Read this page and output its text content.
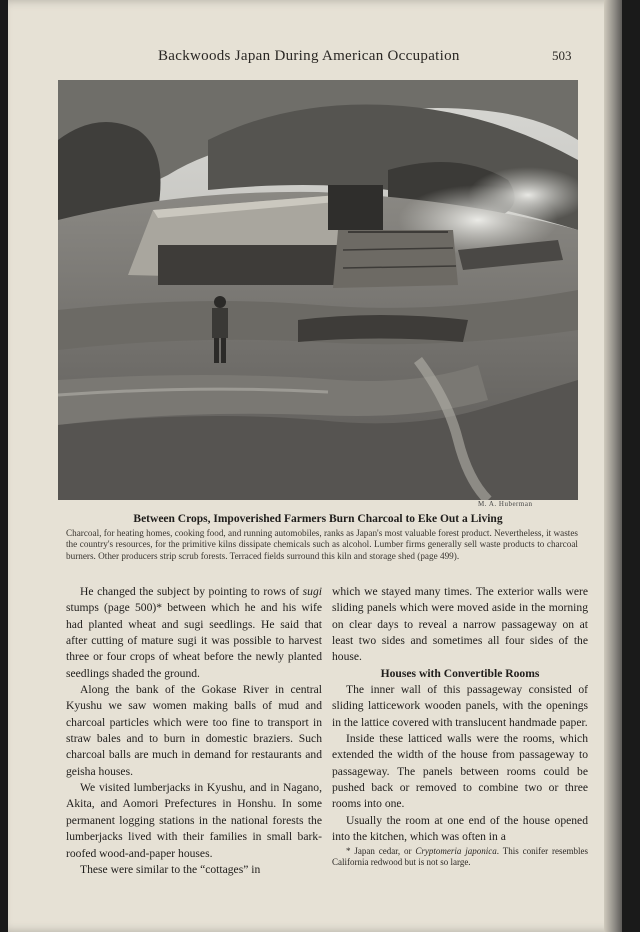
Backwoods Japan During American Occupation	503
M. A. Huberman
Between Crops, Impoverished Farmers Burn Charcoal to Eke Out a Living
Charcoal, for heating homes, cooking food, and running automobiles, ranks as Japan's most valuable forest product. Nevertheless, it wastes the country's resources, for the primitive kilns dissipate chemicals such as alcohol. Lumber firms generally sell waste products to charcoal burners. Other producers strip scrub forests. Terraced fields surround this kiln and storage shed (page 499).

He changed the subject by pointing to rows of sugi stumps (page 500)* between which he and his wife had planted wheat and sugi seedlings. He said that after cutting of mature sugi it was possible to harvest three or four crops of wheat before the newly planted seedlings shaded the ground.

Along the bank of the Gokase River in central Kyushu we saw women making balls of mud and charcoal particles which were too fine to transport in straw bales and to burn in domestic braziers. Such charcoal balls are much in demand for restaurants and geisha houses.

We visited lumberjacks in Kyushu, and in Nagano, Akita, and Aomori Prefectures in Honshu. In some permanent logging stations in the national forests the lumberjacks lived with their families in small bark-roofed wood-and-paper houses.

These were similar to the “cottages” in

which we stayed many times. The exterior walls were sliding panels which were moved aside in the morning on clear days to reveal a narrow passageway on at least two sides and sometimes all four sides of the house.

Houses with Convertible Rooms

The inner wall of this passageway consisted of sliding latticework wooden panels, with the openings in the lattice covered with translucent handmade paper.

Inside these latticed walls were the rooms, which extended the width of the house from passageway to passageway. The panels between rooms could be pushed back or removed to combine two or three rooms into one.

Usually the room at one end of the house opened into the kitchen, which was often in a

* Japan cedar, or Cryptomeria japonica. This conifer resembles California redwood but is not so large.
